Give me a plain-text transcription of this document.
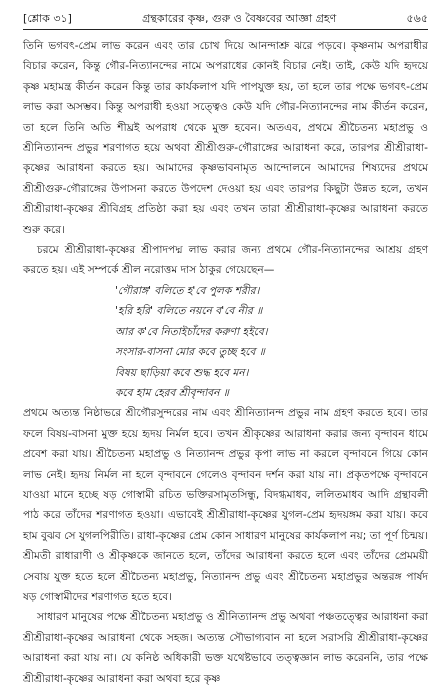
[শ্লোক ৩১]	গ্রন্থকারের কৃষ্ণ, গুরু ও বৈষ্ণবের আজ্ঞা গ্রহণ	৫৬৫

তিনি ভগবৎ-প্রেম লাভ করেন এবং তার চোখ দিয়ে আনন্দাশ্রু ঝরে পড়বে। কৃষ্ণনাম অপরাধীর বিচার করেন, কিন্তু গৌর-নিত্যানন্দের নামে অপরাধের কোনই বিচার নেই। তাই, কেউ যদি হৃদয়ে কৃষ্ণ মহামন্ত্র কীর্তন করেন কিন্তু তার কার্যকলাপ যদি পাপযুক্ত হয়, তা হলে তার পক্ষে ভগবৎ-প্রেম লাভ করা অসম্ভব। কিন্তু অপরাধী হওয়া সত্ত্বেও কেউ যদি গৌর-নিত্যানন্দের নাম কীর্তন করেন, তা হলে তিনি অতি শীঘ্রই অপরাধ থেকে মুক্ত হবেন। অতএব, প্রথমে শ্রীচৈতন্য মহাপ্রভু ও শ্রীনিত্যানন্দ প্রভুর শরণাগত হয়ে অথবা শ্রীশ্রীগুরু-গৌরাঙ্গের আরাধনা করে, তারপর শ্রীশ্রীরাধা-কৃষ্ণের আরাধনা করতে হয়। আমাদের কৃষ্ণভাবনামৃত আন্দোলনে আমাদের শিষ্যদের প্রথমে শ্রীশ্রীগুরু-গৌরাঙ্গের উপাসনা করতে উপদেশ দেওয়া হয় এবং তারপর কিছুটা উন্নত হলে, তখন শ্রীশ্রীরাধা-কৃষ্ণের শ্রীবিগ্রহ প্রতিষ্ঠা করা হয় এবং তখন তারা শ্রীশ্রীরাধা-কৃষ্ণের আরাধনা করতে শুরু করে।

চরমে শ্রীশ্রীরাধা-কৃষ্ণের শ্রীপাদপদ্ম লাভ করার জন্য প্রথমে গৌর-নিত্যানন্দের আশ্রয় গ্রহণ করতে হয়। এই সম্পর্কে শ্রীল নরোত্তম দাস ঠাকুর গেয়েছেন—

'গৌরাঙ্গ' বলিতে হ'বে পুলক শরীর।
'হরি হরি' বলিতে নয়নে ব'বে নীর ॥
আর ক'বে নিতাইচাঁদের করুণা হইবে।
সংসার-বাসনা মোর কবে তুচ্ছ হবে ॥
বিষয় ছাড়িয়া কবে শুদ্ধ হবে মন।
কবে হাম হেরব শ্রীবৃন্দাবন ॥

প্রথমে অত্যন্ত নিষ্ঠাভরে শ্রীগৌরসুন্দরের নাম এবং শ্রীনিত্যানন্দ প্রভুর নাম গ্রহণ করতে হবে। তার ফলে বিষয়-বাসনা মুক্ত হয়ে হৃদয় নির্মল হবে। তখন শ্রীকৃষ্ণের আরাধনা করার জন্য বৃন্দাবন ধামে প্রবেশ করা যায়। শ্রীচৈতন্য মহাপ্রভু ও নিত্যানন্দ প্রভুর কৃপা লাভ না করলে বৃন্দাবনে গিয়ে কোন লাভ নেই। হৃদয় নির্মল না হলে বৃন্দাবনে গেলেও বৃন্দাবন দর্শন করা যায় না। প্রকৃতপক্ষে বৃন্দাবনে যাওয়া মানে হচ্ছে ষড় গোস্বামী রচিত ভক্তিরসামৃতসিন্ধু, বিদগ্ধমাধব, ললিতমাধব আদি গ্রন্থাবলী পাঠ করে তাঁদের শরণাগত হওয়া। এভাবেই শ্রীশ্রীরাধা-কৃষ্ণের যুগল-প্রেম হৃদয়ঙ্গম করা যায়। কবে হাম বুঝব সে যুগলপিরীতি। রাধা-কৃষ্ণের প্রেম কোন সাধারণ মানুষের কার্যকলাপ নয়; তা পূর্ণ চিন্ময়। শ্রীমতী রাধারাণী ও শ্রীকৃষ্ণকে জানতে হলে, তাঁদের আরাধনা করতে হলে এবং তাঁদের প্রেমময়ী সেবায় যুক্ত হতে হলে শ্রীচৈতন্য মহাপ্রভু, নিত্যানন্দ প্রভু এবং শ্রীচৈতন্য মহাপ্রভুর অন্তরঙ্গ পার্ষদ ষড় গোস্বামীদের শরণাগত হতে হবে।

সাধারণ মানুষের পক্ষে শ্রীচৈতন্য মহাপ্রভু ও শ্রীনিত্যানন্দ প্রভু অথবা পঞ্চতত্ত্বের আরাধনা করা শ্রীশ্রীরাধা-কৃষ্ণের আরাধনা থেকে সহজ। অত্যন্ত সৌভাগ্যবান না হলে সরাসরি শ্রীশ্রীরাধা-কৃষ্ণের আরাধনা করা যায় না। যে কনিষ্ঠ অধিকারী ভক্ত যথেষ্টভাবে তত্ত্বজ্ঞান লাভ করেননি, তার পক্ষে শ্রীশ্রীরাধা-কৃষ্ণের আরাধনা করা অথবা হরে কৃষ্ণ
